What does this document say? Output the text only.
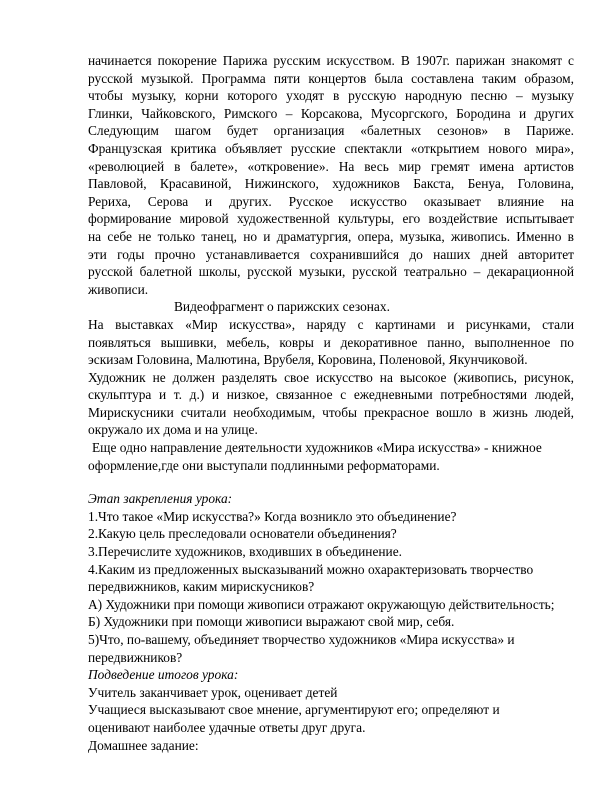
начинается покорение Парижа русским искусством. В 1907г. парижан знакомят с
русской музыкой. Программа пяти концертов была составлена таким образом,
чтобы музыку, корни которого уходят в русскую народную песню – музыку
Глинки, Чайковского, Римского – Корсакова, Мусоргского, Бородина и других
Следующим шагом будет организация «балетных сезонов» в Париже.
Французская критика объявляет русские спектакли «открытием нового мира»,
«революцией в балете», «откровение». На весь мир гремят имена артистов
Павловой, Красавиной, Нижинского, художников Бакста, Бенуа, Головина,
Рериха, Серова и других. Русское искусство оказывает влияние на
формирование мировой художественной культуры, его воздействие испытывает
на себе не только танец, но и драматургия, опера, музыка, живопись. Именно в
эти годы прочно устанавливается сохранившийся до наших дней авторитет
русской балетной школы, русской музыки, русской театрально – декарационной
живописи.
Видеофрагмент о парижских сезонах.
На выставках «Мир искусства», наряду с картинами и рисунками, стали
появляться вышивки, мебель, ковры и декоративное панно, выполненное по
эскизам Головина, Малютина, Врубеля, Коровина, Поленовой, Якунчиковой.
Художник не должен разделять свое искусство на высокое (живопись, рисунок,
скульптура и т. д.) и низкое, связанное с ежедневными потребностями людей,
Мирискусники считали необходимым, чтобы прекрасное вошло в жизнь людей,
окружало их дома и на улице.
Еще одно направление деятельности художников «Мира искусства» - книжное
оформление,где они выступали подлинными реформаторами.
Этап закрепления урока:
1.Что такое «Мир искусства?» Когда возникло это объединение?
2.Какую цель преследовали основатели объединения?
3.Перечислите художников, входивших в объединение.
4.Каким из предложенных высказываний можно охарактеризовать творчество
передвижников, каким мирискусников?
А) Художники при помощи живописи отражают окружающую действительность;
Б) Художники при помощи живописи выражают свой мир, себя.
5)Что, по-вашему, объединяет творчество художников «Мира искусства» и
передвижников?
Подведение итогов урока:
Учитель заканчивает урок, оценивает детей
Учащиеся высказывают свое мнение, аргументируют его; определяют и
оценивают наиболее удачные ответы друг друга.
Домашнее задание:
